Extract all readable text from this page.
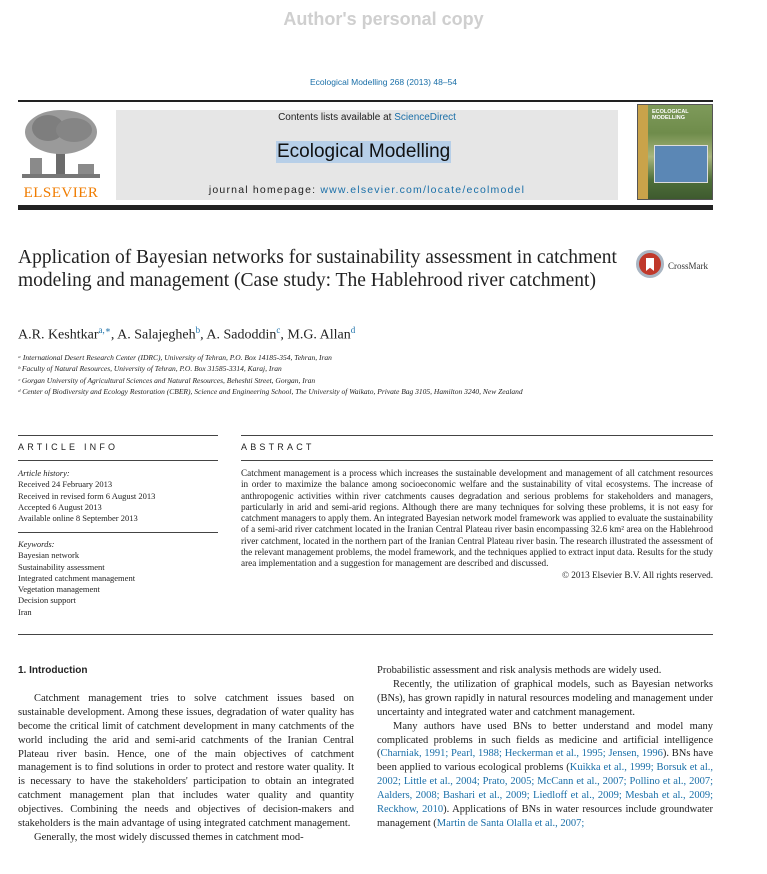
Author's personal copy
Ecological Modelling 268 (2013) 48–54
ELSEVIER
Contents lists available at ScienceDirect
Ecological Modelling
journal homepage: www.elsevier.com/locate/ecolmodel
ECOLOGICAL MODELLING
Application of Bayesian networks for sustainability assessment in catchment modeling and management (Case study: The Hablehrood river catchment)
CrossMark
A.R. Keshtkar$^{a,∗}$, A. Salajegheh$^b$, A. Sadoddin$^c$, M.G. Allan$^d$
ᵃ International Desert Research Center (IDRC), University of Tehran, P.O. Box 14185-354, Tehran, Iran
ᵇ Faculty of Natural Resources, University of Tehran, P.O. Box 31585-3314, Karaj, Iran
ᶜ Gorgan University of Agricultural Sciences and Natural Resources, Beheshti Street, Gorgan, Iran
ᵈ Center of Biodiversity and Ecology Restoration (CBER), Science and Engineering School, The University of Waikato, Private Bag 3105, Hamilton 3240, New Zealand
ARTICLE INFO	ABSTRACT
Article history:
Received 24 February 2013
Received in revised form 6 August 2013
Accepted 6 August 2013
Available online 8 September 2013
Keywords:
Bayesian network
Sustainability assessment
Integrated catchment management
Vegetation management
Decision support
Iran

Catchment management is a process which increases the sustainable development and management of all catchment resources in order to maximize the balance among socioeconomic welfare and the sustainability of vital ecosystems. The increase of anthropogenic activities within river catchments causes degradation and serious problems for stakeholders and managers, particularly in arid and semi-arid regions. Although there are many techniques for solving these problems, it is not easy for catchment managers to apply them. An integrated Bayesian network model framework was applied to evaluate the sustainability of a semi-arid river catchment located in the Iranian Central Plateau river basin encompassing 32.6 km² area on the Hablehrood river catchment, located in the northern part of the Iranian Central Plateau river basin. The research illustrated the assessment of the relevant management problems, the model framework, and the techniques applied to extract input data. Results for the study area implementation and a suggestion for management are described and discussed.

© 2013 Elsevier B.V. All rights reserved.

1. Introduction

Catchment management tries to solve catchment issues based on sustainable development. Among these issues, degradation of water quality has become the critical limit of catchment development in many catchments of the world including the arid and semi-arid catchments of the Iranian Central Plateau river basin. Hence, one of the main objectives of catchment management is to find solutions in order to protect and restore water quality. It is necessary to have the stakeholders' participation to obtain an integrated catchment management plan that includes water quality and quantity objectives. Combining the needs and objectives of decision-makers and stakeholders is the main advantage of using integrated catchment management.

Generally, the most widely discussed themes in catchment mod-

Probabilistic assessment and risk analysis methods are widely used.

Recently, the utilization of graphical models, such as Bayesian networks (BNs), has grown rapidly in natural resources modeling and management under uncertainty and integrated water and catchment management.

Many authors have used BNs to better understand and model many complicated problems in such fields as medicine and artificial intelligence (Charniak, 1991; Pearl, 1988; Heckerman et al., 1995; Jensen, 1996). BNs have been applied to various ecological problems (Kuikka et al., 1999; Borsuk et al., 2002; Little et al., 2004; Prato, 2005; McCann et al., 2007; Pollino et al., 2007; Aalders, 2008; Bashari et al., 2009; Liedloff et al., 2009; Mesbah et al., 2009; Reckhow, 2010). Applications of BNs in water resources include groundwater management (Martin de Santa Olalla et al., 2007;
